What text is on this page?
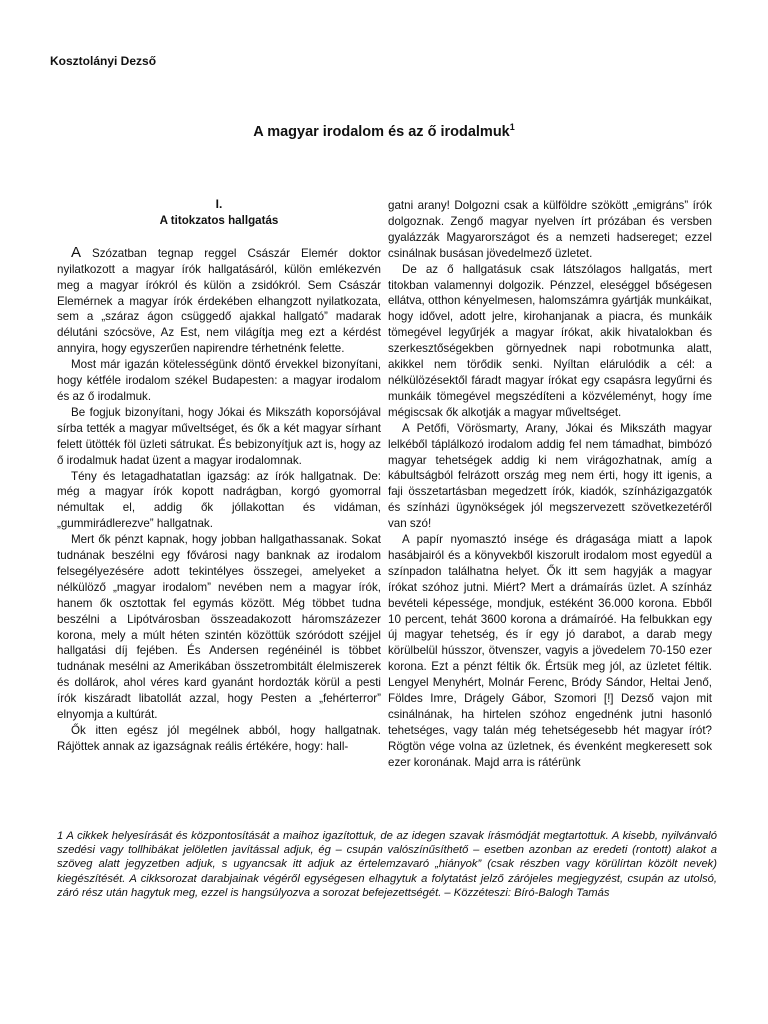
Kosztolányi Dezső
A magyar irodalom és az ő irodalmuk$^1$
I.
A titokzatos hallgatás

A Szózatban tegnap reggel Császár Elemér doktor nyilatkozott a magyar írók hallgatásáról, külön emlékezvén meg a magyar írókról és külön a zsidókról. Sem Császár Elemérnek a magyar írók érdekében elhangzott nyilatkozata, sem a „száraz ágon csüggedő ajakkal hallgató” madarak délutáni szócsöve, Az Est, nem világítja meg ezt a kérdést annyira, hogy egyszerűen napirendre térhetnénk felette.

Most már igazán kötelességünk döntő érvekkel bizonyítani, hogy kétféle irodalom székel Budapesten: a magyar irodalom és az ő irodalmuk.

Be fogjuk bizonyítani, hogy Jókai és Mikszáth koporsójával sírba tették a magyar műveltséget, és ők a két magyar sírhant felett ütötték föl üzleti sátrukat. És bebizonyítjuk azt is, hogy az ő irodalmuk hadat üzent a magyar irodalomnak.

Tény és letagadhatatlan igazság: az írók hallgatnak. De: még a magyar írók kopott nadrágban, korgó gyomorral némultak el, addig ők jóllakottan és vidáman, „gummirádlerezve” hallgatnak.

Mert ők pénzt kapnak, hogy jobban hallgathassanak. Sokat tudnának beszélni egy fővárosi nagy banknak az irodalom felsegélyezésére adott tekintélyes összegei, amelyeket a nélkülöző „magyar irodalom” nevében nem a magyar írók, hanem ők osztottak fel egymás között. Még többet tudna beszélni a Lipótvárosban összeadakozott háromszázezer korona, mely a múlt héten szintén közöttük szóródott széjjel hallgatási díj fejében. És Andersen regénéinél is többet tudnának mesélni az Amerikában összetrombitált élelmiszerek és dollárok, ahol véres kard gyanánt hordozták körül a pesti írók kiszáradt libatollát azzal, hogy Pesten a „fehérterror” elnyomja a kultúrát.

Ők itten egész jól megélnek abból, hogy hallgatnak. Rájöttek annak az igazságnak reális értékére, hogy: hall-

gatni arany! Dolgozni csak a külföldre szökött „emigráns” írók dolgoznak. Zengő magyar nyelven írt prózában és versben gyalázzák Magyarországot és a nemzeti hadsereget; ezzel csinálnak busásan jövedelmező üzletet.

De az ő hallgatásuk csak látszólagos hallgatás, mert titokban valamennyi dolgozik. Pénzzel, eleséggel bőségesen ellátva, otthon kényelmesen, halomszámra gyártják munkáikat, hogy idővel, adott jelre, kirohanjanak a piacra, és munkáik tömegével legyűrjék a magyar írókat, akik hivatalokban és szerkesztőségekben görnyednek napi robotmunka alatt, akikkel nem törődik senki. Nyíltan elárulódik a cél: a nélkülözésektől fáradt magyar írókat egy csapásra legyűrni és munkáik tömegével megszédíteni a közvéleményt, hogy íme mégiscsak ők alkotják a magyar műveltséget.

A Petőfi, Vörösmarty, Arany, Jókai és Mikszáth magyar lelkéből táplálkozó irodalom addig fel nem támadhat, bimbózó magyar tehetségek addig ki nem virágozhatnak, amíg a kábultságból felrázott ország meg nem érti, hogy itt igenis, a faji összetartásban megedzett írók, kiadók, színházigazgatók és színházi ügynökségek jól megszervezett szövetkezetéről van szó!

A papír nyomasztó insége és drágasága miatt a lapok hasábjairól és a könyvekből kiszorult irodalom most egyedül a színpadon találhatna helyet. Ők itt sem hagyják a magyar írókat szóhoz jutni. Miért? Mert a drámaírás üzlet. A színház bevételi képessége, mondjuk, estéként 36.000 korona. Ebből 10 percent, tehát 3600 korona a drámaíróé. Ha felbukkan egy új magyar tehetség, és ír egy jó darabot, a darab megy körülbelül hússzor, ötvenszer, vagyis a jövedelem 70-150 ezer korona. Ezt a pénzt féltik ők. Értsük meg jól, az üzletet féltik. Lengyel Menyhért, Molnár Ferenc, Bródy Sándor, Heltai Jenő, Földes Imre, Drágely Gábor, Szomori [!] Dezső vajon mit csinálnának, ha hirtelen szóhoz engednénk jutni hasonló tehetséges, vagy talán még tehetségesebb hét magyar írót? Rögtön vége volna az üzletnek, és évenként megkeresett sok ezer koronának. Majd arra is rátérünk

1 A cikkek helyesírását és központosítását a maihoz igazítottuk, de az idegen szavak írásmódját megtartottuk. A kisebb, nyilvánvaló szedési vagy tollhibákat jelöletlen javítással adjuk, ég – csupán valószínűsíthető – esetben azonban az eredeti (rontott) alakot a szöveg alatt jegyzetben adjuk, s ugyancsak itt adjuk az értelemzavaró „hiányok” (csak részben vagy körülírtan közölt nevek) kiegészítését. A cikksorozat darabjainak végéről egységesen elhagytuk a folytatást jelző zárójeles megjegyzést, csupán az utolsó, záró rész után hagytuk meg, ezzel is hangsúlyozva a sorozat befejezettségét. – Közzéteszi: Bíró-Balogh Tamás
